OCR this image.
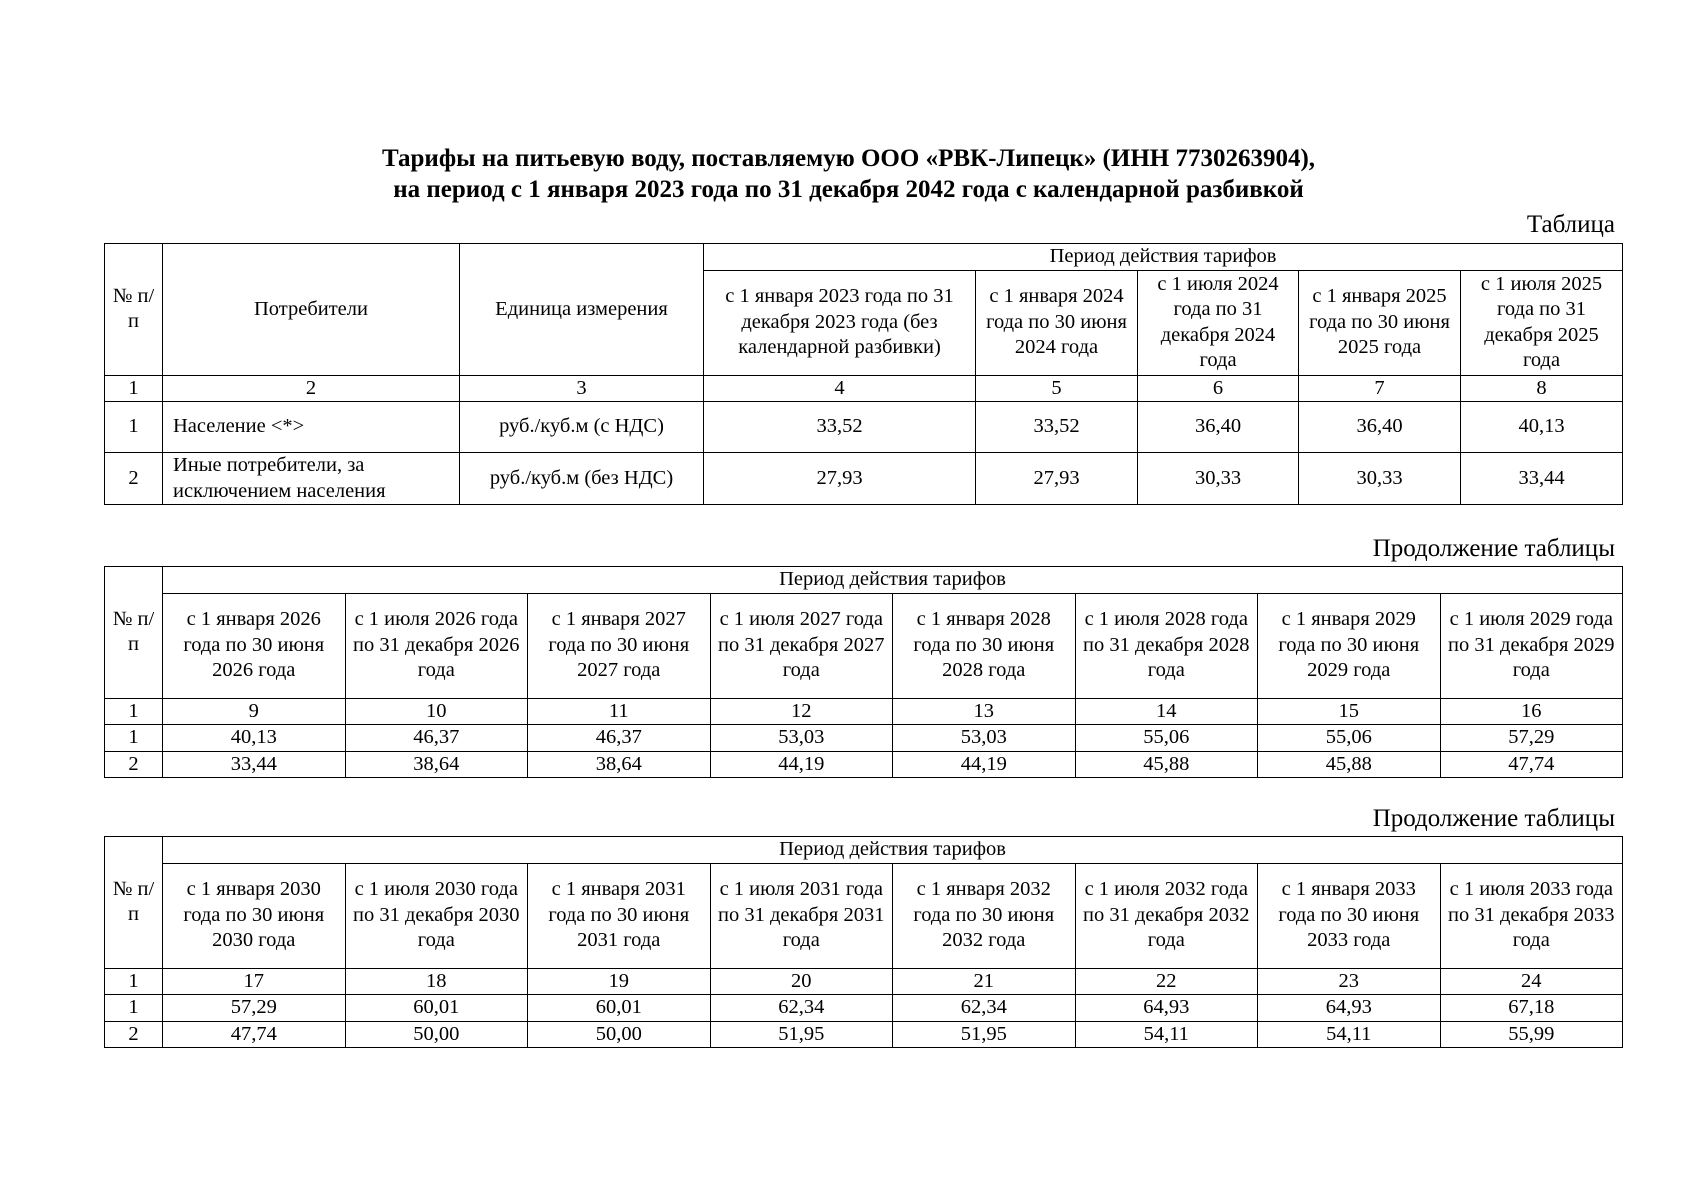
Тарифы на питьевую воду, поставляемую ООО «РВК-Липецк» (ИНН 7730263904),
на период с 1 января 2023 года по 31 декабря 2042 года с календарной разбивкой
Таблица
№ п/п	Потребители	Единица измерения	Период действия тарифов				
			с 1 января 2023 года по 31 декабря 2023 года (без календарной разбивки)	с 1 января 2024 года по 30 июня 2024 года	с 1 июля 2024 года по 31 декабря 2024 года	с 1 января 2025 года по 30 июня 2025 года	с 1 июля 2025 года по 31 декабря 2025 года
1	2	3	4	5	6	7	8
1	Население <*>	руб./куб.м (с НДС)	33,52	33,52	36,40	36,40	40,13
2	Иные потребители, за исключением населения	руб./куб.м (без НДС)	27,93	27,93	30,33	30,33	33,44
Продолжение таблицы
№ п/п	Период действия тарифов							
	с 1 января 2026 года по 30 июня 2026 года	с 1 июля 2026 года по 31 декабря 2026 года	с 1 января 2027 года по 30 июня 2027 года	с 1 июля 2027 года по 31 декабря 2027 года	с 1 января 2028 года по 30 июня 2028 года	с 1 июля 2028 года по 31 декабря 2028 года	с 1 января 2029 года по 30 июня 2029 года	с 1 июля 2029 года по 31 декабря 2029 года
1	9	10	11	12	13	14	15	16
1	40,13	46,37	46,37	53,03	53,03	55,06	55,06	57,29
2	33,44	38,64	38,64	44,19	44,19	45,88	45,88	47,74
Продолжение таблицы
№ п/п	Период действия тарифов							
	с 1 января 2030 года по 30 июня 2030 года	с 1 июля 2030 года по 31 декабря 2030 года	с 1 января 2031 года по 30 июня 2031 года	с 1 июля 2031 года по 31 декабря 2031 года	с 1 января 2032 года по 30 июня 2032 года	с 1 июля 2032 года по 31 декабря 2032 года	с 1 января 2033 года по 30 июня 2033 года	с 1 июля 2033 года по 31 декабря 2033 года
1	17	18	19	20	21	22	23	24
1	57,29	60,01	60,01	62,34	62,34	64,93	64,93	67,18
2	47,74	50,00	50,00	51,95	51,95	54,11	54,11	55,99
